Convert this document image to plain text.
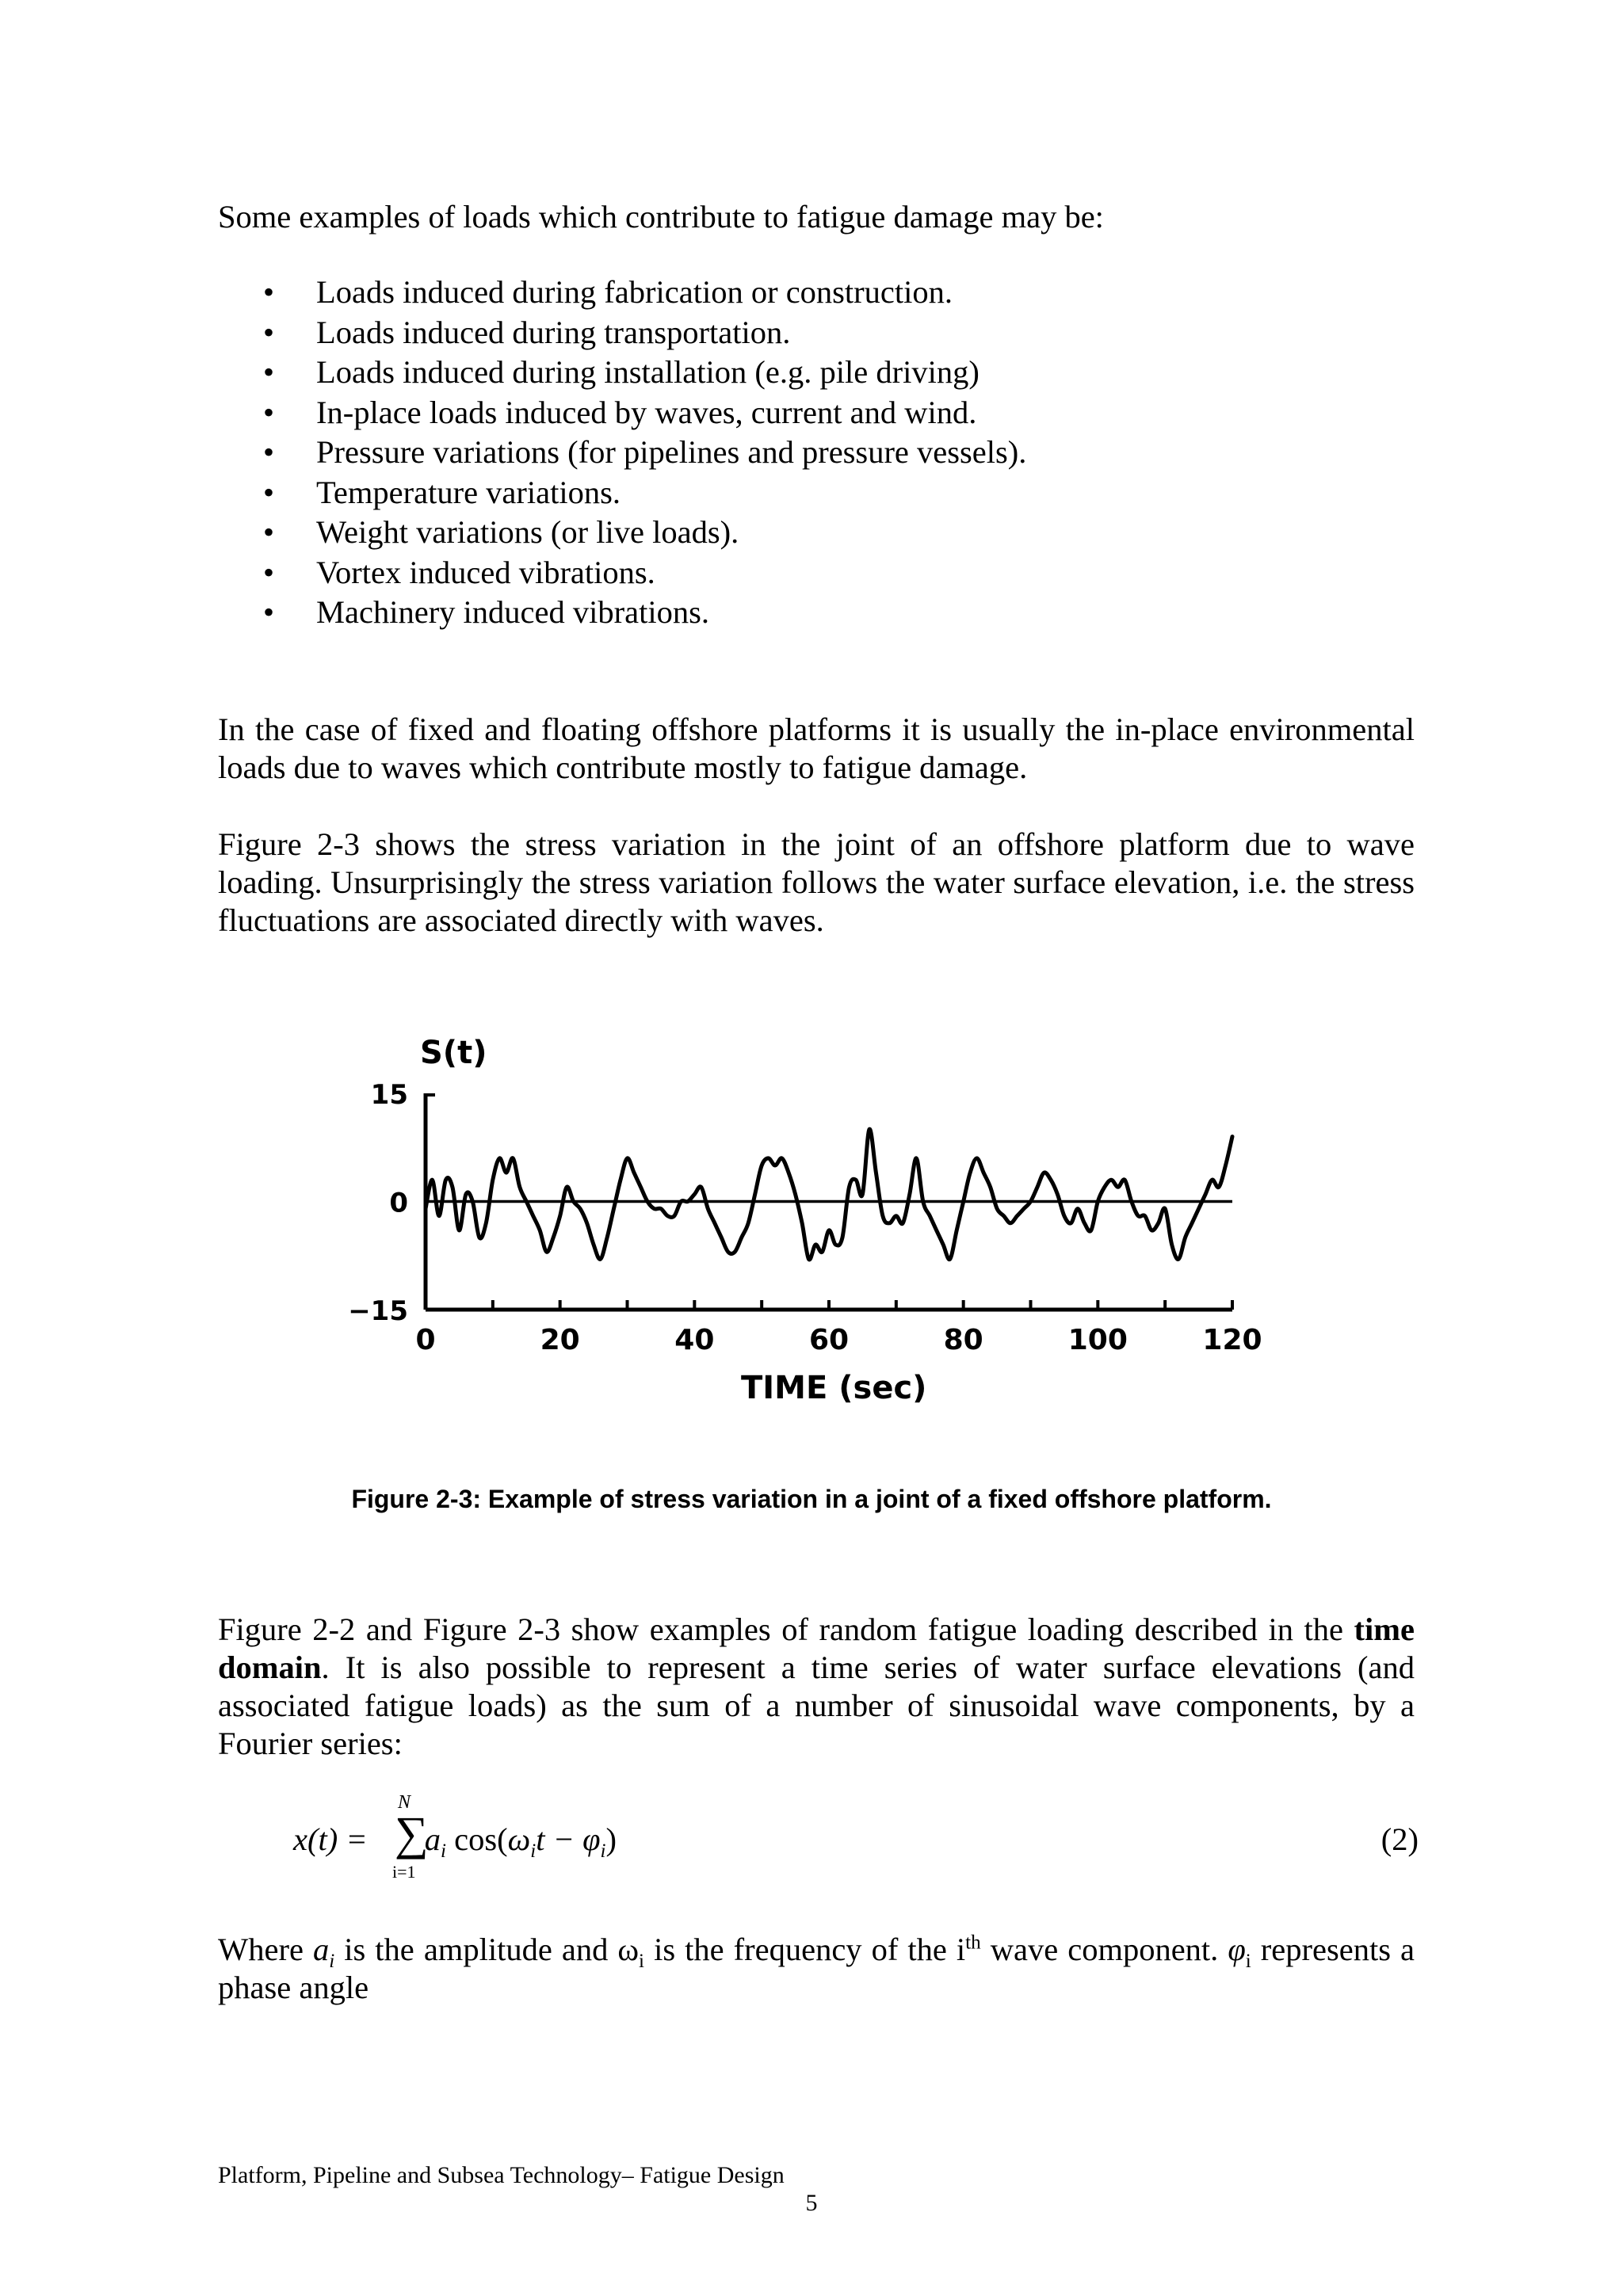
Some examples of loads which contribute to fatigue damage may be:
• Loads induced during fabrication or construction.
• Loads induced during transportation.
• Loads induced during installation (e.g. pile driving)
• In-place loads induced by waves, current and wind.
• Pressure variations (for pipelines and pressure vessels).
• Temperature variations.
• Weight variations (or live loads).
• Vortex induced vibrations.
• Machinery induced vibrations.
In the case of fixed and floating offshore platforms it is usually the in-place environmental loads due to waves which contribute mostly to fatigue damage.
Figure 2-3 shows the stress variation in the joint of an offshore platform due to wave loading. Unsurprisingly the stress variation follows the water surface elevation, i.e. the stress fluctuations are associated directly with waves.
S(t)
TIME (sec)
0	20	40	60	80	100	120
15
0
−15
Figure 2-3: Example of stress variation in a joint of a fixed offshore platform.
Figure 2-2 and Figure 2-3 show examples of random fatigue loading described in the time domain. It is also possible to represent a time series of water surface elevations (and associated fatigue loads) as the sum of a number of sinusoidal wave components, by a Fourier series:
N
∑
i=1
$x(t) = a_i$ $\cos(\omega_it - \varphi_i)$	(2)
Where $a_i$ is the amplitude and $\omega_i$ is the frequency of the $i^{th}$ wave component. $\varphi_i$ represents a phase angle
Platform, Pipeline and Subsea Technology– Fatigue Design
5
